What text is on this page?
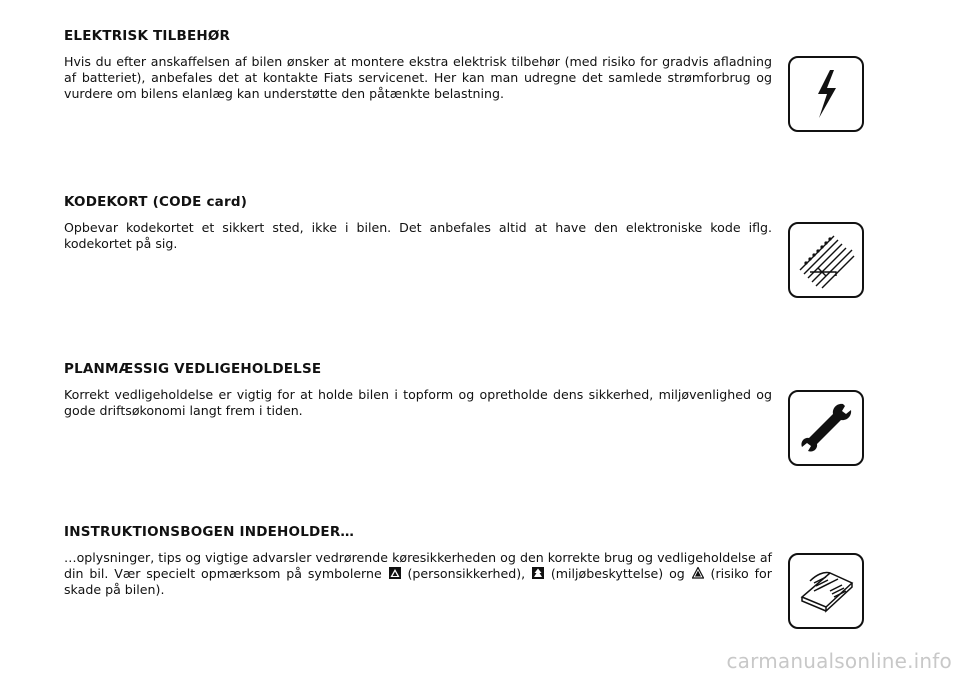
ELEKTRISK TILBEHØR

Hvis du efter anskaffelsen af bilen ønsker at montere ekstra elektrisk tilbehør (med risiko for gradvis afladning af batteriet), anbefales det at kontakte Fiats servicenet. Her kan man udregne det samlede strømforbrug og vurdere om bilens elanlæg kan understøtte den påtænkte belastning.

KODEKORT (CODE card)

Opbevar kodekortet et sikkert sted, ikke i bilen. Det anbefales altid at have den elektroniske kode iflg. kodekortet på sig.

PLANMÆSSIG VEDLIGEHOLDELSE

Korrekt vedligeholdelse er vigtig for at holde bilen i topform og opretholde dens sikkerhed, miljøvenlighed og gode driftsøkonomi langt frem i tiden.

INSTRUKTIONSBOGEN INDEHOLDER…

…oplysninger, tips og vigtige advarsler vedrørende køresikkerheden og den korrekte brug og vedligeholdelse af din bil. Vær specielt opmærksom på symbolerne (personsikkerhed), (miljøbeskyttelse) og (risiko for skade på bilen).

carmanualsonline.info
